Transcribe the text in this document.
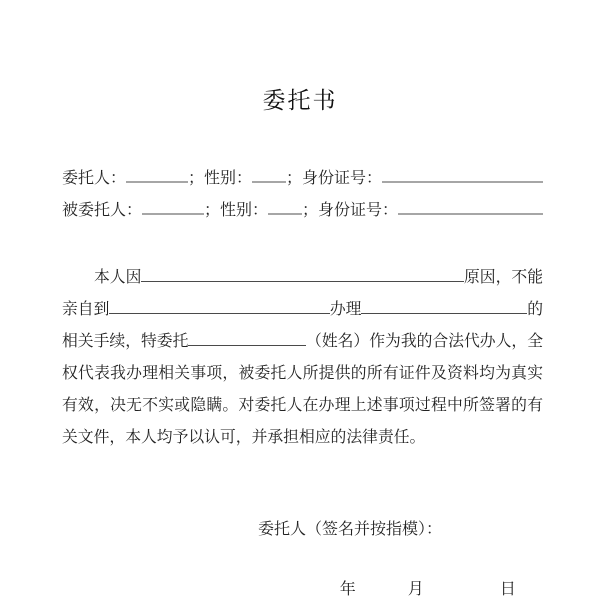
委托书
委托人：	；性别： ；身份证号：
被委托人：	；性别： ；身份证号：
本人因	原因，不能
亲自到	办理	的
相关手续，特委托	（姓名）作为我的合法代办人，全
权代表我办理相关事项，被委托人所提供的所有证件及资料均为真实
有效，决无不实或隐瞒。对委托人在办理上述事项过程中所签署的有
关文件，本人均予以认可，并承担相应的法律责任。
委托人（签名并按指模）：

年	月	日
